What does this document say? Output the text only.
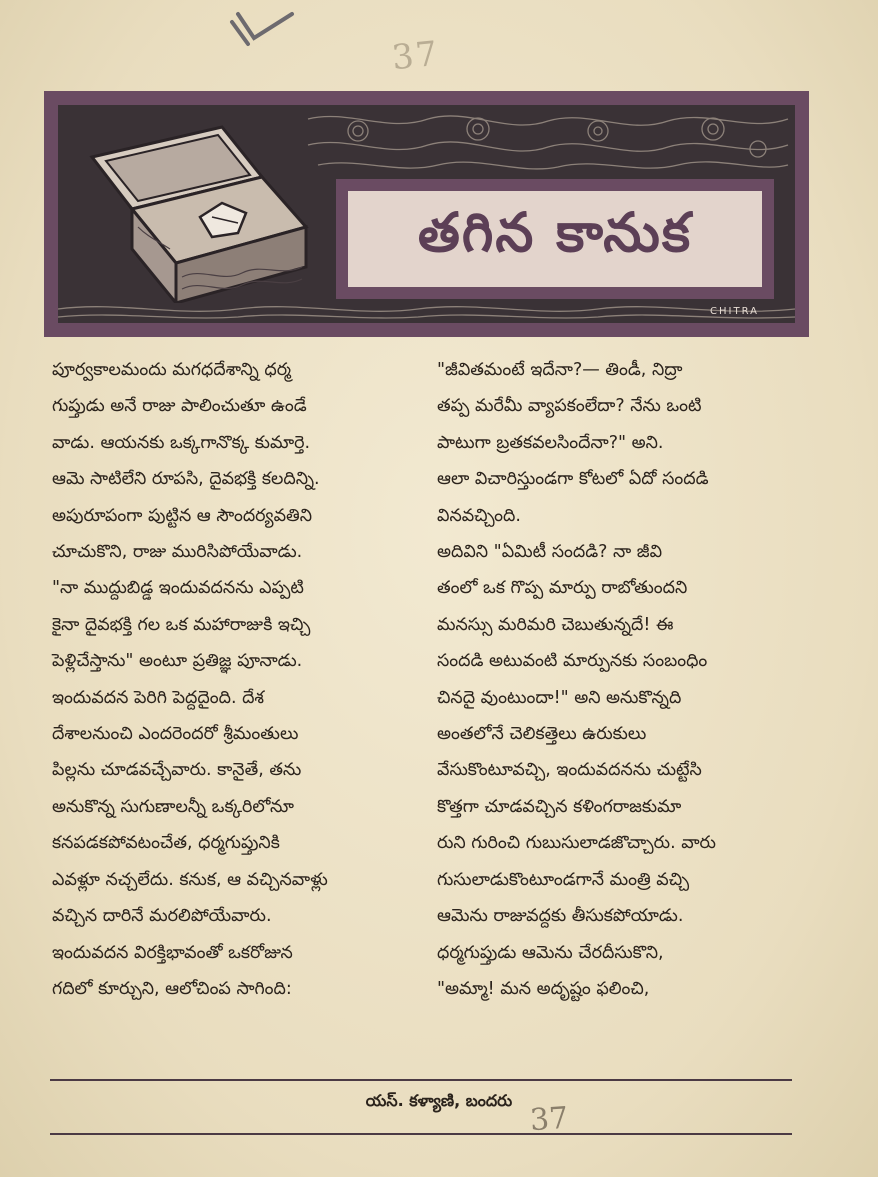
37
తగిన కానుక
CHITRA

పూర్వకాలమందు మగధదేశాన్ని ధర్మ
గుప్తుడు అనే రాజు పాలించుతూ ఉండే
వాడు. ఆయనకు ఒక్కగానొక్క కుమార్తె.
ఆమె సాటిలేని రూపసి, దైవభక్తి కలదిన్ని.
అపురూపంగా పుట్టిన ఆ సౌందర్యవతిని
చూచుకొని, రాజు మురిసిపోయేవాడు.

"నా ముద్దుబిడ్డ ఇందువదనను ఎప్పటి
కైనా దైవభక్తి గల ఒక మహారాజుకి ఇచ్చి
పెళ్లిచేస్తాను" అంటూ ప్రతిజ్ఞ పూనాడు.

ఇందువదన పెరిగి పెద్దదైంది. దేశ
దేశాలనుంచి ఎందరెందరో శ్రీమంతులు
పిల్లను చూడవచ్చేవారు. కానైతే, తను
అనుకొన్న సుగుణాలన్నీ ఒక్కరిలోనూ
కనపడకపోవటంచేత, ధర్మగుప్తునికి
ఎవళ్లూ నచ్చలేదు. కనుక, ఆ వచ్చినవాళ్లు
వచ్చిన దారినే మరలిపోయేవారు.

ఇందువదన విరక్తిభావంతో ఒకరోజున
గదిలో కూర్చుని, ఆలోచింప సాగింది:

"జీవితమంటే ఇదేనా?— తిండీ, నిద్రా
తప్ప మరేమీ వ్యాపకంలేదా? నేను ఒంటి
పాటుగా బ్రతకవలసిందేనా?" అని.
ఆలా విచారిస్తుండగా కోటలో ఏదో సందడి
వినవచ్చింది.

అదివిని "ఏమిటీ సందడి? నా జీవి
తంలో ఒక గొప్ప మార్పు రాబోతుందని
మనస్సు మరిమరి చెబుతున్నదే! ఈ
సందడి అటువంటి మార్పునకు సంబంధిం
చినదై వుంటుందా!" అని అనుకొన్నది

అంతలోనే చెలికత్తెలు ఉరుకులు
వేసుకొంటూవచ్చి, ఇందువదనను చుట్టేసి
కొత్తగా చూడవచ్చిన కళింగరాజకుమా
రుని గురించి గుబుసులాడజొచ్చారు. వారు
గుసులాడుకొంటూండగానే మంత్రి వచ్చి
ఆమెను రాజువద్దకు తీసుకపోయాడు.

ధర్మగుప్తుడు ఆమెను చేరదీసుకొని,
"అమ్మా! మన అదృష్టం ఫలించి,

యస్. కళ్యాణి, బందరు
37
